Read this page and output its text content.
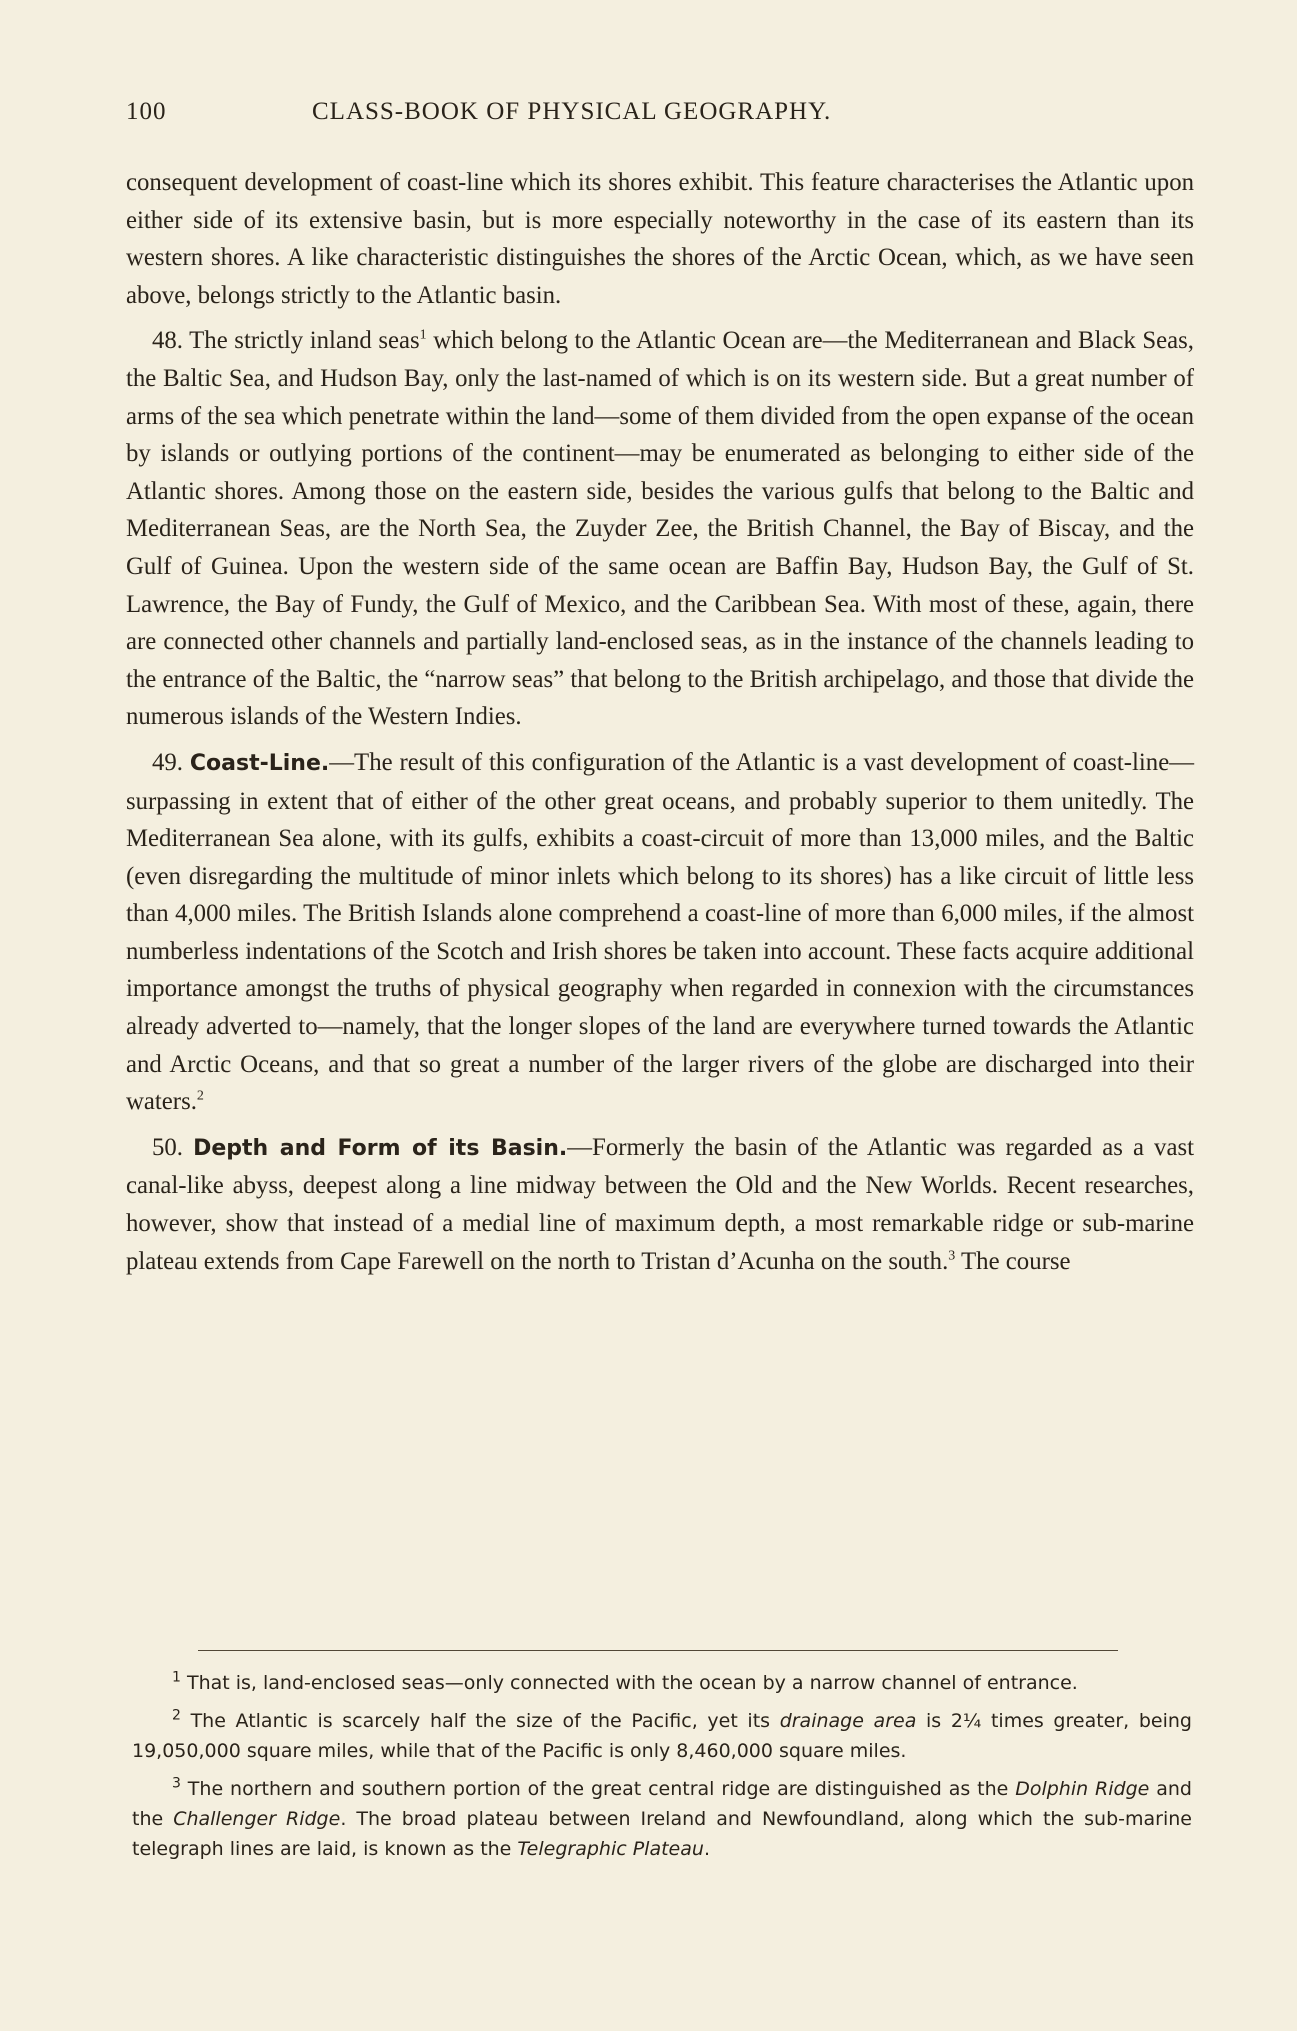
100	CLASS-BOOK OF PHYSICAL GEOGRAPHY.

consequent development of coast-line which its shores exhibit. This feature characterises the Atlantic upon either side of its extensive basin, but is more especially noteworthy in the case of its eastern than its western shores. A like characteristic distinguishes the shores of the Arctic Ocean, which, as we have seen above, belongs strictly to the Atlantic basin.

48. The strictly inland seas$^1$ which belong to the Atlantic Ocean are—the Mediterranean and Black Seas, the Baltic Sea, and Hudson Bay, only the last-named of which is on its western side. But a great number of arms of the sea which penetrate within the land—some of them divided from the open expanse of the ocean by islands or outlying portions of the continent—may be enumerated as belonging to either side of the Atlantic shores. Among those on the eastern side, besides the various gulfs that belong to the Baltic and Mediterranean Seas, are the North Sea, the Zuyder Zee, the British Channel, the Bay of Biscay, and the Gulf of Guinea. Upon the western side of the same ocean are Baffin Bay, Hudson Bay, the Gulf of St. Lawrence, the Bay of Fundy, the Gulf of Mexico, and the Caribbean Sea. With most of these, again, there are connected other channels and partially land-enclosed seas, as in the instance of the channels leading to the entrance of the Baltic, the “narrow seas” that belong to the British archipelago, and those that divide the numerous islands of the Western Indies.

49. Coast-Line.—The result of this configuration of the Atlantic is a vast development of coast-line—surpassing in extent that of either of the other great oceans, and probably superior to them unitedly. The Mediterranean Sea alone, with its gulfs, exhibits a coast-circuit of more than 13,000 miles, and the Baltic (even disregarding the multitude of minor inlets which belong to its shores) has a like circuit of little less than 4,000 miles. The British Islands alone comprehend a coast-line of more than 6,000 miles, if the almost numberless indentations of the Scotch and Irish shores be taken into account. These facts acquire additional importance amongst the truths of physical geography when regarded in connexion with the circumstances already adverted to—namely, that the longer slopes of the land are everywhere turned towards the Atlantic and Arctic Oceans, and that so great a number of the larger rivers of the globe are discharged into their waters.$^2$

50. Depth and Form of its Basin.—Formerly the basin of the Atlantic was regarded as a vast canal-like abyss, deepest along a line midway between the Old and the New Worlds. Recent researches, however, show that instead of a medial line of maximum depth, a most remarkable ridge or sub-marine plateau extends from Cape Farewell on the north to Tristan d’Acunha on the south.$^3$ The course

$^1$ That is, land-enclosed seas—only connected with the ocean by a narrow channel of entrance.

$^2$ The Atlantic is scarcely half the size of the Pacific, yet its drainage area is 2¼ times greater, being 19,050,000 square miles, while that of the Pacific is only 8,460,000 square miles.

$^3$ The northern and southern portion of the great central ridge are distinguished as the Dolphin Ridge and the Challenger Ridge. The broad plateau between Ireland and Newfoundland, along which the sub-marine telegraph lines are laid, is known as the Telegraphic Plateau.
